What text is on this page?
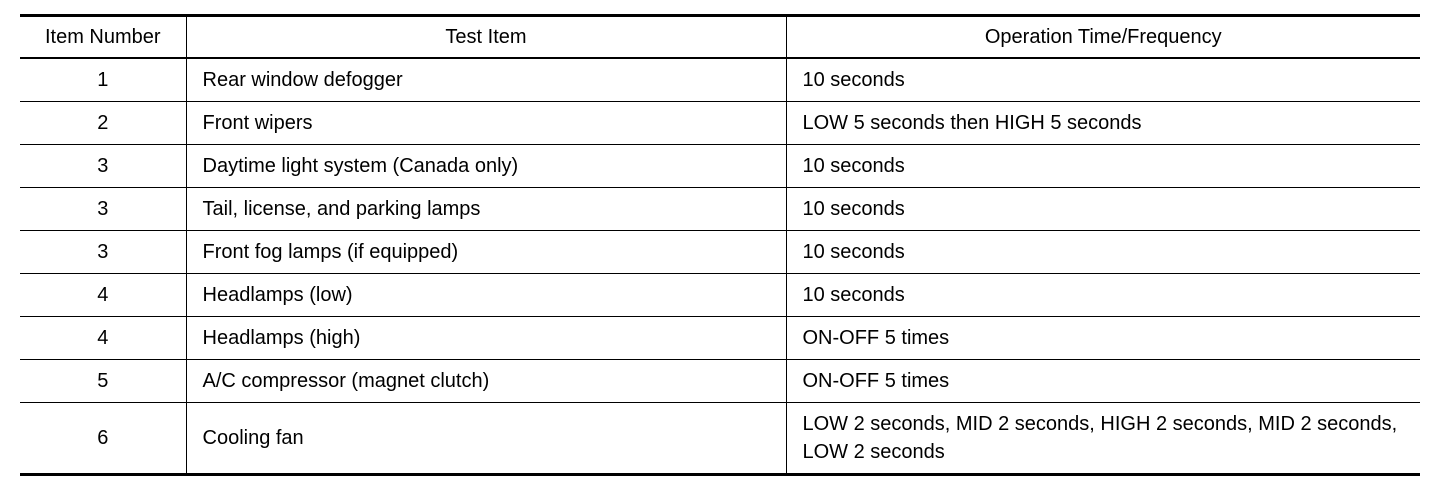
Item Number	Test Item	Operation Time/Frequency
1	Rear window defogger	10 seconds
2	Front wipers	LOW 5 seconds then HIGH 5 seconds
3	Daytime light system (Canada only)	10 seconds
3	Tail, license, and parking lamps	10 seconds
3	Front fog lamps (if equipped)	10 seconds
4	Headlamps (low)	10 seconds
4	Headlamps (high)	ON-OFF 5 times
5	A/C compressor (magnet clutch)	ON-OFF 5 times
6	Cooling fan	LOW 2 seconds, MID 2 seconds, HIGH 2 seconds, MID 2 seconds, LOW 2 seconds
